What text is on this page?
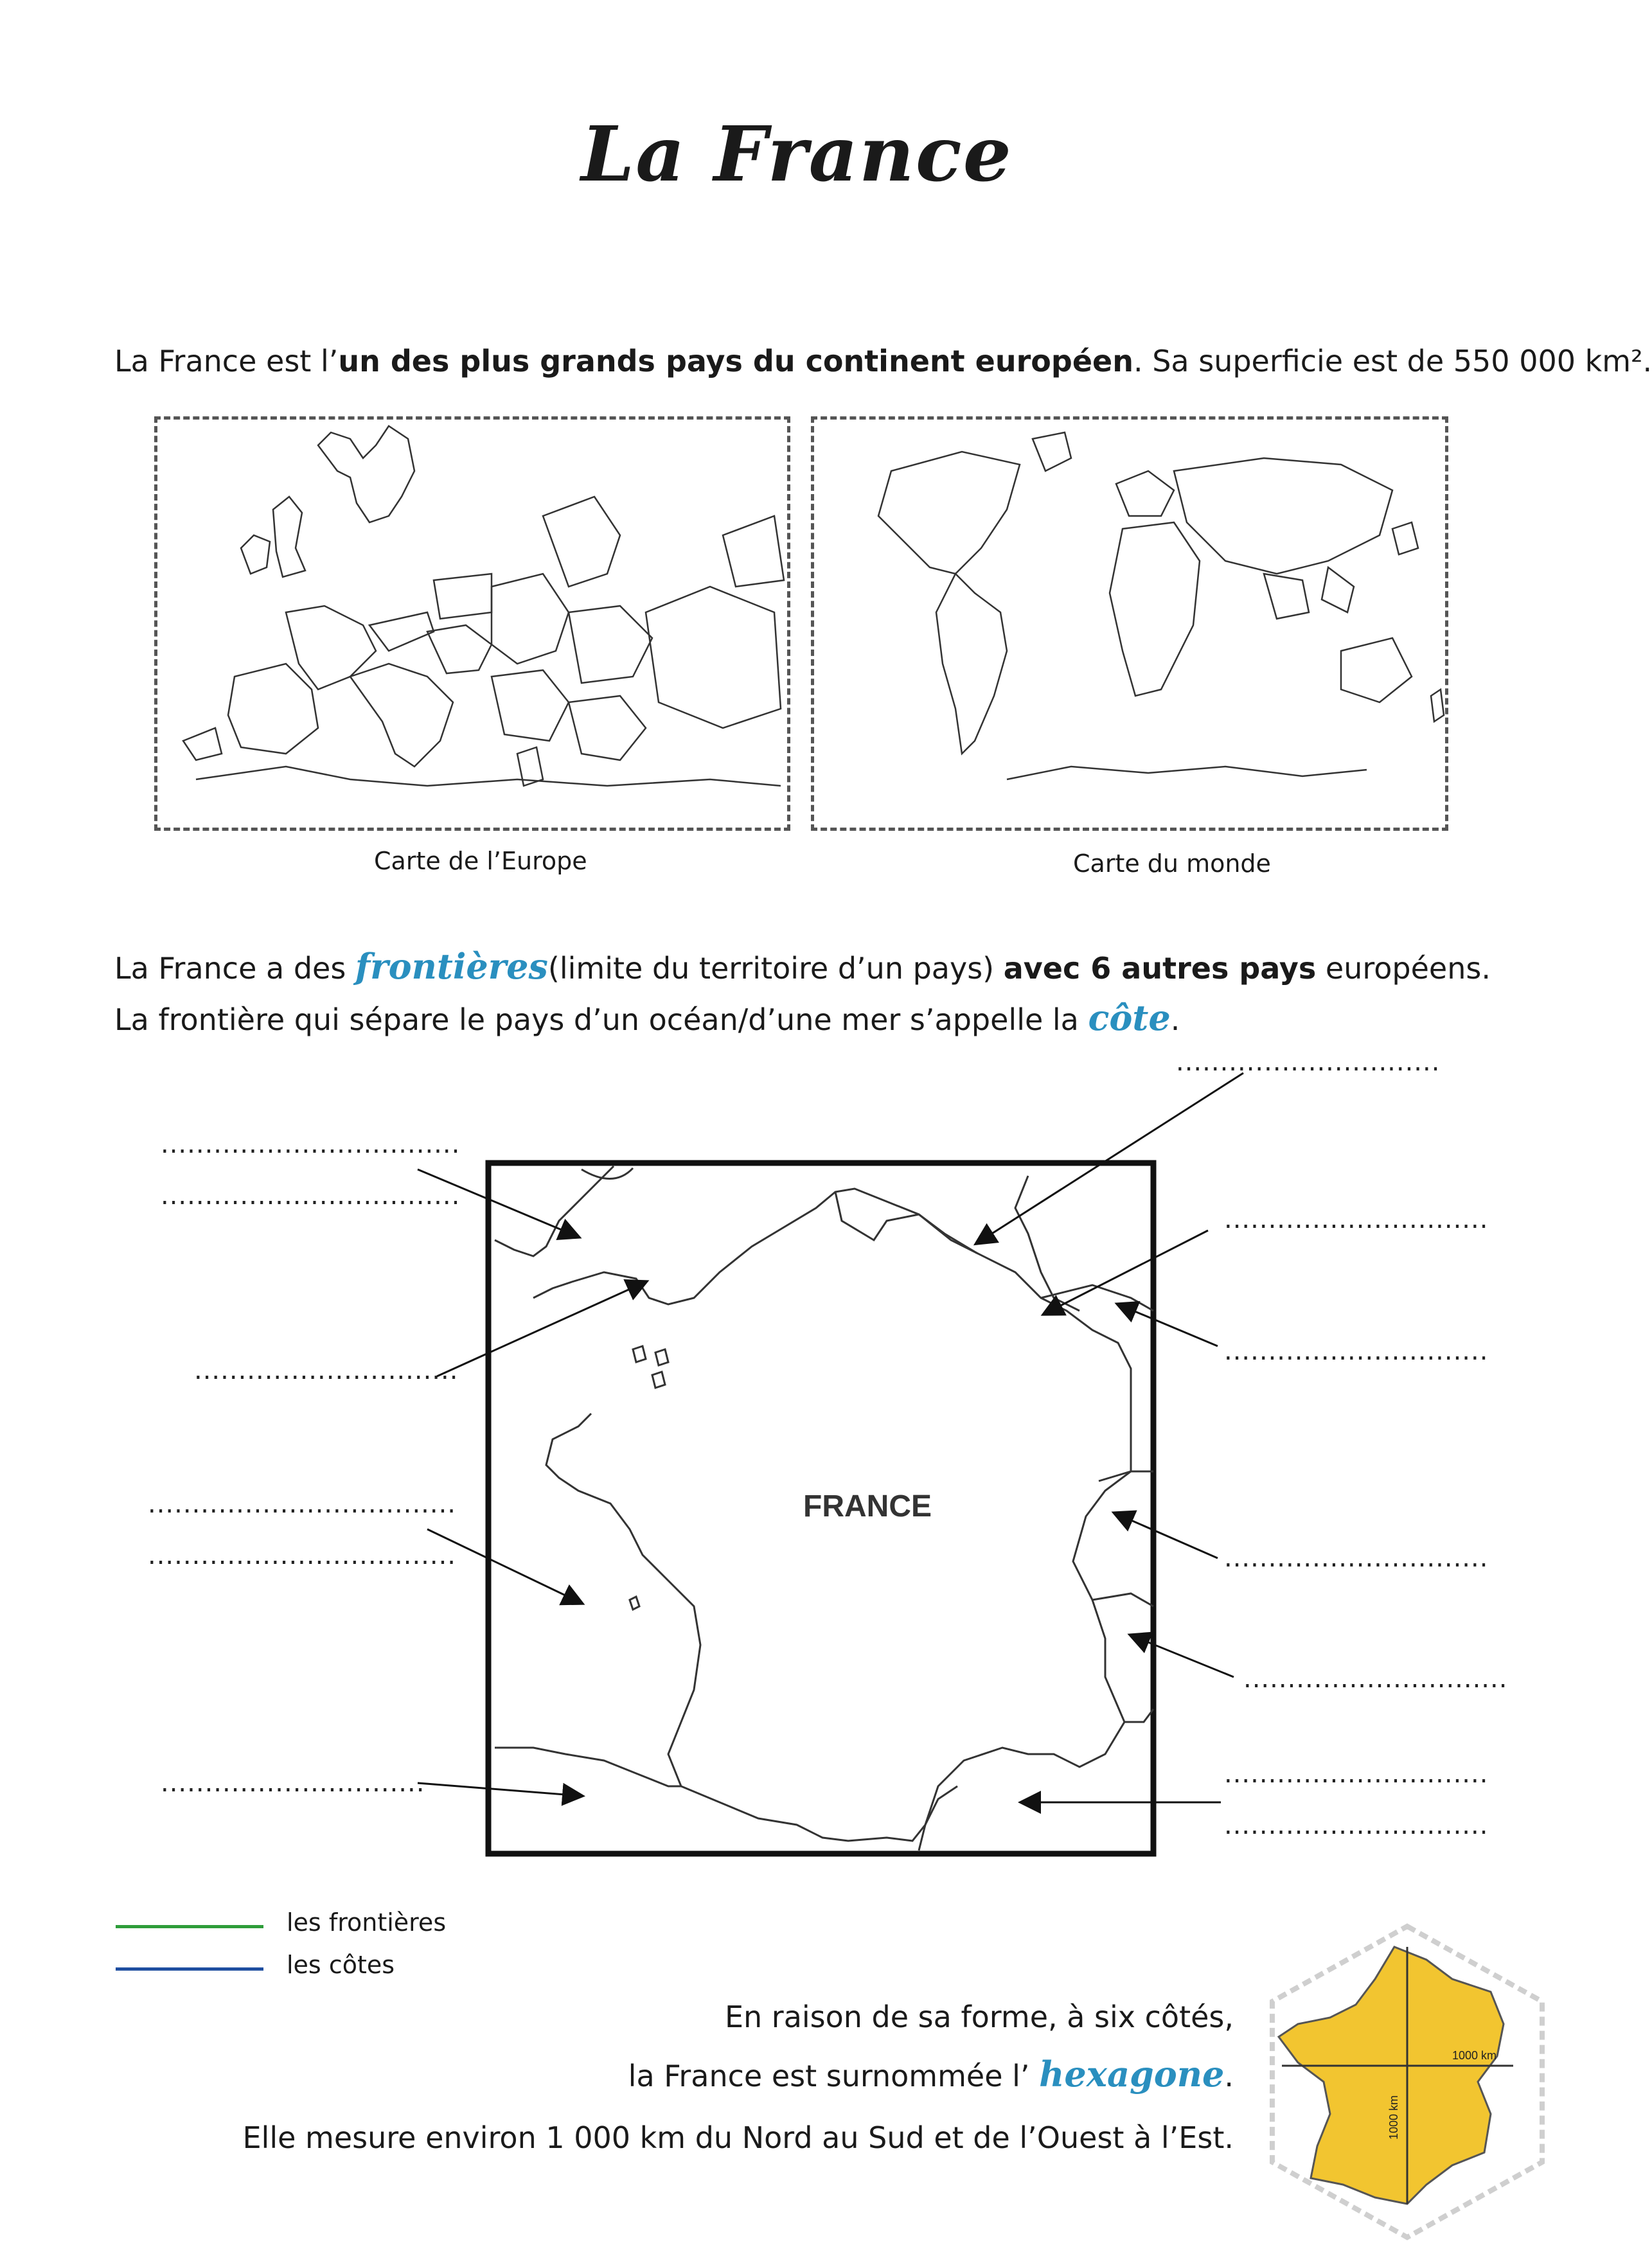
La France
La France est l’un des plus grands pays du continent européen. Sa superficie est de 550 000 km².
Carte de l’Europe	Carte du monde
La France a des frontières(limite du territoire d’un pays) avec 6 autres pays européens.
La frontière qui sépare le pays d’un océan/d’une mer s’appelle la côte.
FRANCE
..................................
..................................
..............................
...................................
...................................
..............................
..............................
..............................
..............................
..............................
..............................
..............................
..............................
les frontières
les côtes
En raison de sa forme, à six côtés,
la France est surnommée l’ hexagone.
Elle mesure environ 1 000 km du Nord au Sud et de l’Ouest à l’Est.
1000 km
1000 km
